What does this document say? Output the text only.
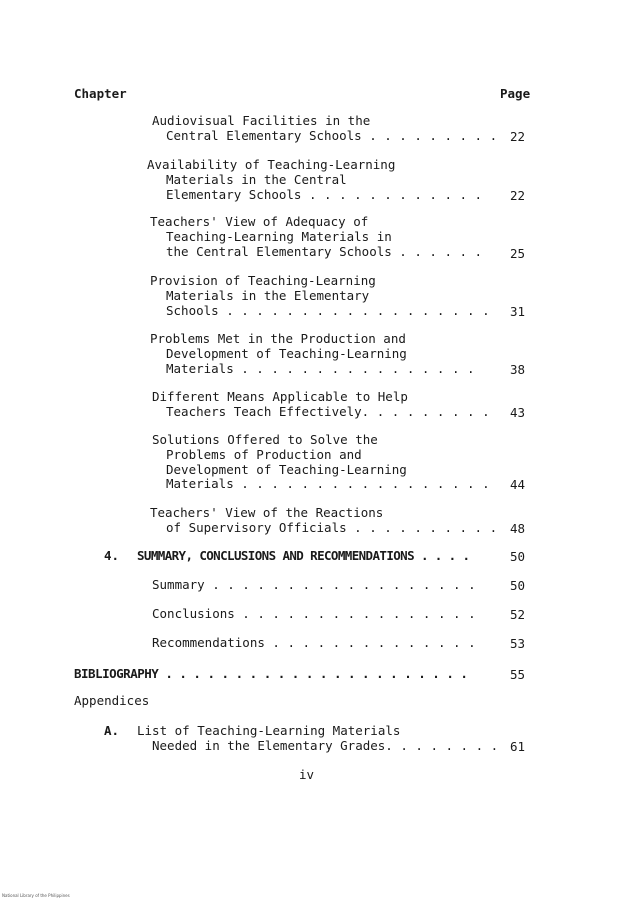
Chapter	Page
Audiovisual Facilities in the
Central Elementary Schools . . . . . . . . . 22
Availability of Teaching-Learning
Materials in the Central
Elementary Schools . . . . . . . . . . . . 22
Teachers' View of Adequacy of
Teaching-Learning Materials in
the Central Elementary Schools . . . . . . 25
Provision of Teaching-Learning
Materials in the Elementary
Schools . . . . . . . . . . . . . . . . . . 31
Problems Met in the Production and
Development of Teaching-Learning
Materials . . . . . . . . . . . . . . . .	38
Different Means Applicable to Help
Teachers Teach Effectively. . . . . . . . . 43
Solutions Offered to Solve the
Problems of Production and
Development of Teaching-Learning
Materials . . . . . . . . . . . . . . . . . 44
Teachers' View of the Reactions
of Supervisory Officials . . . . . . . . . . 48
4. SUMMARY, CONCLUSIONS AND RECOMMENDATIONS . . . .	50
Summary . . . . . . . . . . . . . . . . . .	50
Conclusions . . . . . . . . . . . . . . . .	52
Recommendations . . . . . . . . . . . . . .	53
BIBLIOGRAPHY . . . . . . . . . . . . . . . . . . . . . .	55
Appendices
A. List of Teaching-Learning Materials
Needed in the Elementary Grades. . . . . . . . 61
iv
National Library of the Philippines
